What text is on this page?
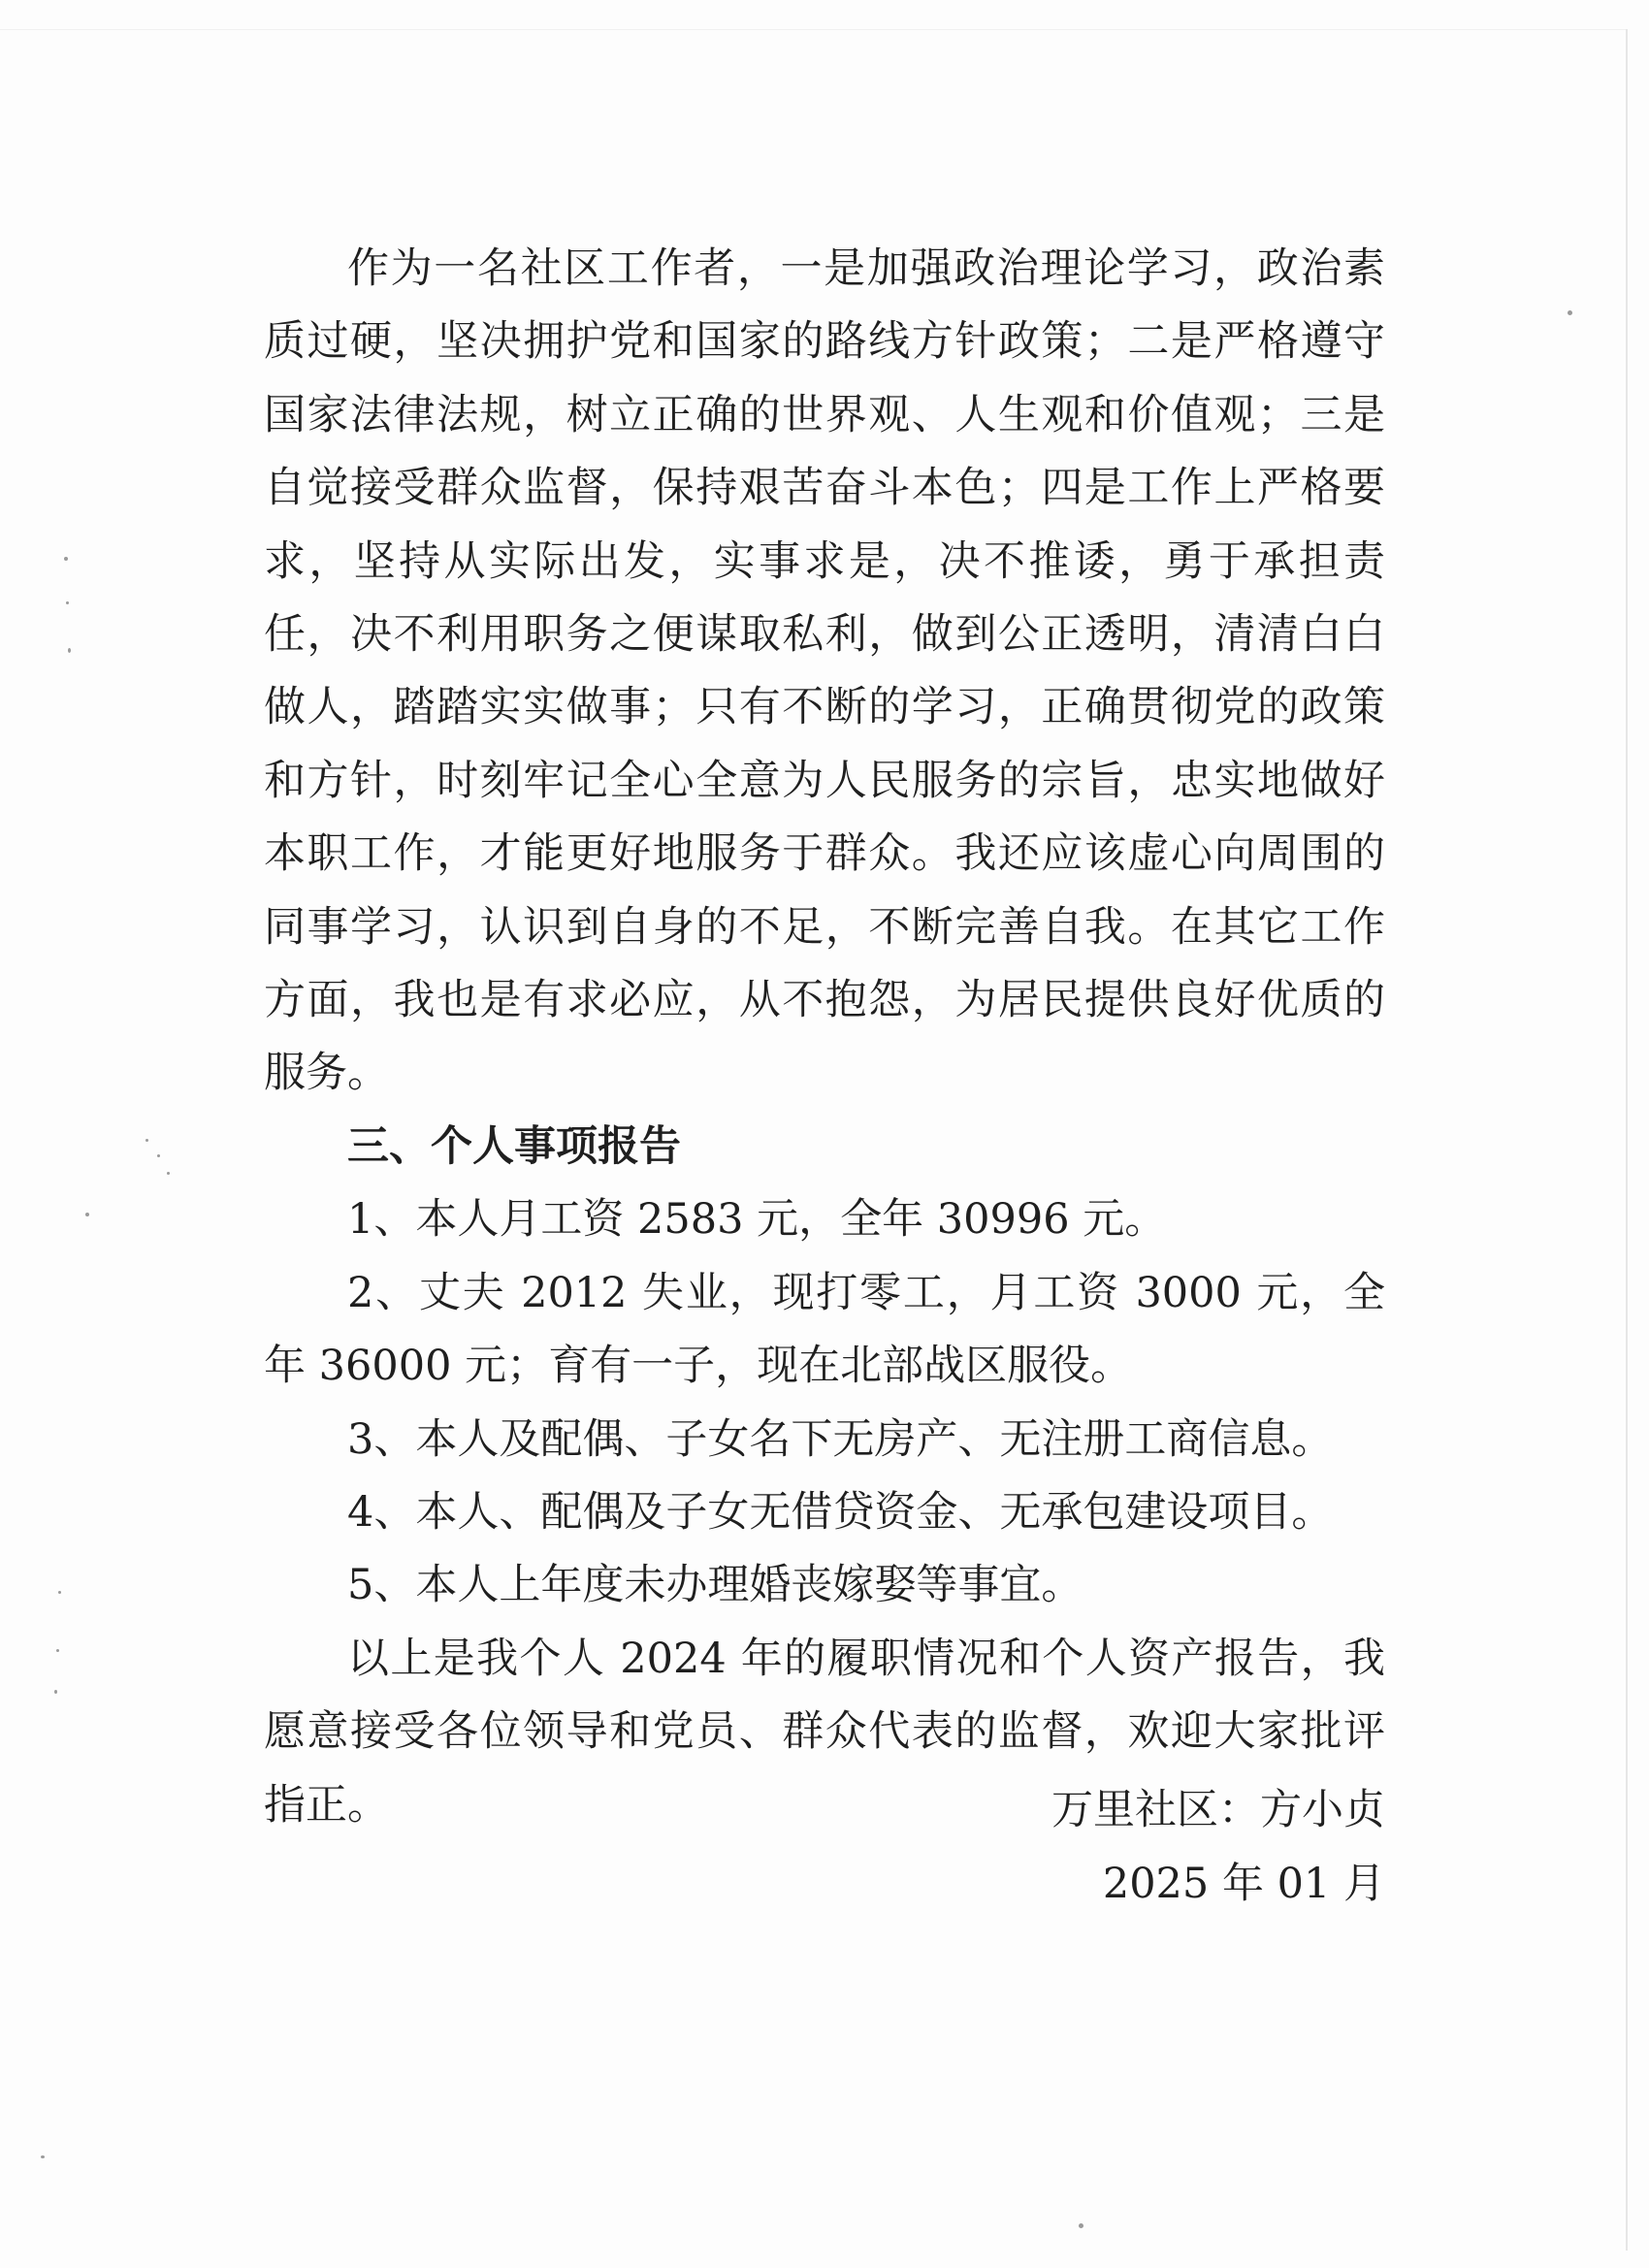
作为一名社区工作者，一是加强政治理论学习，政治素质过硬，坚决拥护党和国家的路线方针政策；二是严格遵守国家法律法规，树立正确的世界观、人生观和价值观；三是自觉接受群众监督，保持艰苦奋斗本色；四是工作上严格要求，坚持从实际出发，实事求是，决不推诿，勇于承担责任，决不利用职务之便谋取私利，做到公正透明，清清白白做人，踏踏实实做事；只有不断的学习，正确贯彻党的政策和方针，时刻牢记全心全意为人民服务的宗旨，忠实地做好本职工作，才能更好地服务于群众。我还应该虚心向周围的同事学习，认识到自身的不足，不断完善自我。在其它工作方面，我也是有求必应，从不抱怨，为居民提供良好优质的服务。

三、个人事项报告

1、本人月工资 2583 元，全年 30996 元。

2、丈夫 2012 失业，现打零工，月工资 3000 元，全年 36000 元；育有一子，现在北部战区服役。

3、本人及配偶、子女名下无房产、无注册工商信息。

4、本人、配偶及子女无借贷资金、无承包建设项目。

5、本人上年度未办理婚丧嫁娶等事宜。

以上是我个人 2024 年的履职情况和个人资产报告，我愿意接受各位领导和党员、群众代表的监督，欢迎大家批评指正。	万里社区：方小贞
2025 年 01 月
